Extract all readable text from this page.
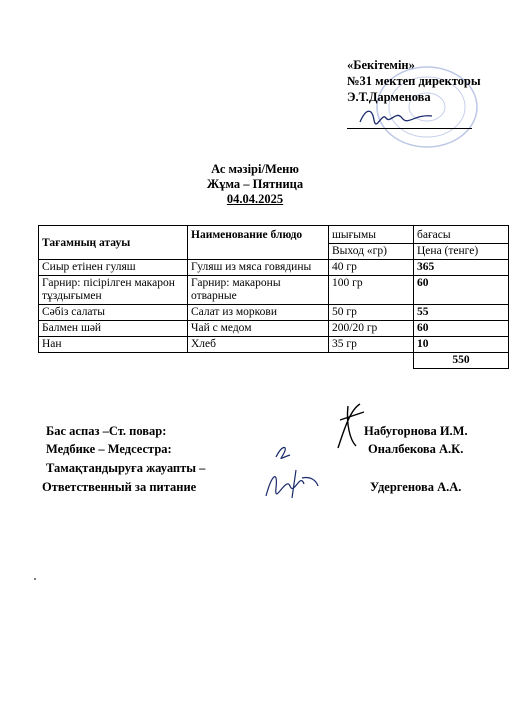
«Бекітемін»
№31 мектеп директоры
Э.Т.Дарменова
Ас мәзірі/Меню
Жұма – Пятница
04.04.2025
Тағамның атауы	Наименование блюдо	шығымы	бағасы
		Выход «гр)	Цена (тенге)
Сиыр етінен гуляш	Гуляш из мяса говядины	40 гр	365
Гарнир: пісірілген макарон тұздығымен	Гарнир: макароны отварные	100 гр	60
Сәбіз салаты	Салат из моркови	50 гр	55
Балмен шәй	Чай с медом	200/20 гр	60
Нан	Хлеб	35 гр	10
			550
Бас аспаз –Ст. повар:	Набугорнова И.М.
Медбике – Медсестра:	Оналбекова А.К.
Тамақтандыруға жауапты –
Ответственный за питание	Удергенова А.А.
